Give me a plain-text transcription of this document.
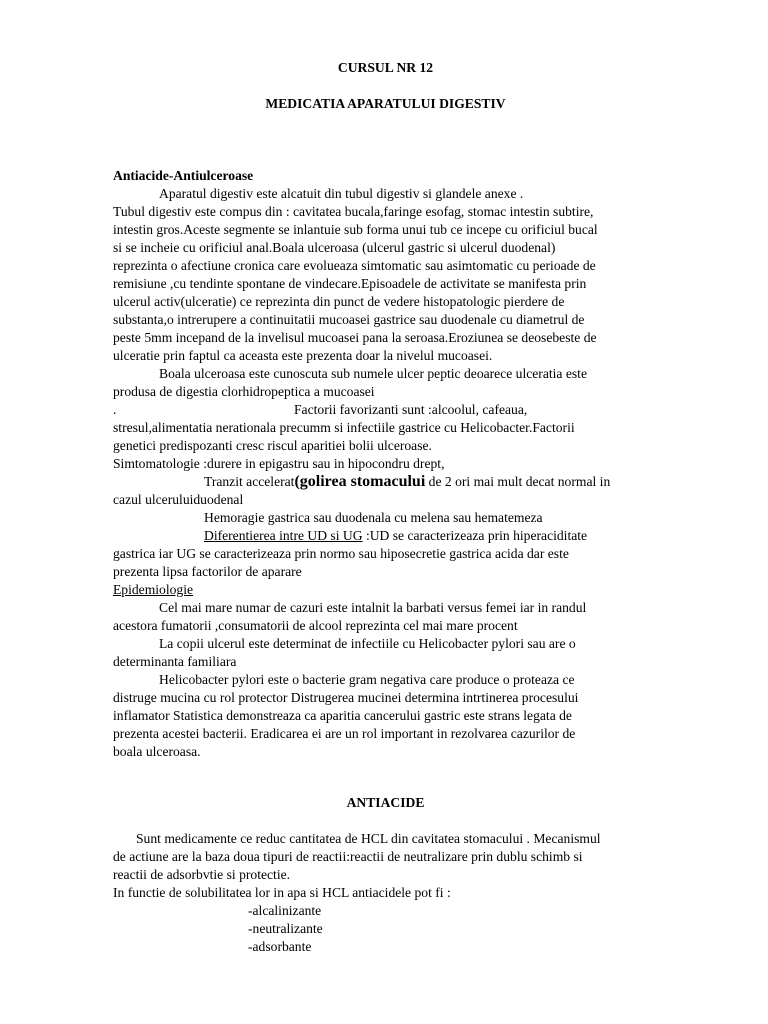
CURSUL NR 12
MEDICATIA APARATULUI DIGESTIV
Antiacide-Antiulceroase
Aparatul digestiv este alcatuit din tubul digestiv si glandele anexe .
Tubul digestiv este compus din : cavitatea bucala,faringe esofag, stomac intestin subtire,
intestin gros.Aceste segmente se inlantuie sub forma unui tub ce incepe cu orificiul bucal
si se incheie cu orificiul anal.Boala ulceroasa (ulcerul gastric si ulcerul duodenal)
reprezinta o afectiune cronica care evolueaza simtomatic sau asimtomatic cu perioade de
remisiune ,cu tendinte spontane de vindecare.Episoadele de activitate se manifesta prin
ulcerul activ(ulceratie) ce reprezinta din punct de vedere histopatologic pierdere de
substanta,o intrerupere a continuitatii mucoasei gastrice sau duodenale cu diametrul de
peste 5mm incepand de la invelisul mucoasei pana la seroasa.Eroziunea se deosebeste de
ulceratie prin faptul ca aceasta este prezenta doar la nivelul mucoasei.
Boala ulceroasa este cunoscuta sub numele ulcer peptic deoarece ulceratia este
produsa de digestia clorhidropeptica a mucoasei
.	Factorii favorizanti sunt :alcoolul, cafeaua,
stresul,alimentatia nerationala precumm si infectiile gastrice cu Helicobacter.Factorii
genetici predispozanti cresc riscul aparitiei bolii ulceroase.
Simtomatologie :durere in epigastru sau in hipocondru drept,
Tranzit accelerat(golirea stomacului de 2 ori mai mult decat normal in
cazul ulceruluiduodenal
Hemoragie gastrica sau duodenala cu melena sau hematemeza
Diferentierea intre UD si UG :UD se caracterizeaza prin hiperaciditate
gastrica iar UG se caracterizeaza prin normo sau hiposecretie gastrica acida dar este
prezenta lipsa factorilor de aparare
Epidemiologie
Cel mai mare numar de cazuri este intalnit la barbati versus femei iar in randul
acestora fumatorii ,consumatorii de alcool reprezinta cel mai mare procent
La copii ulcerul este determinat de infectiile cu Helicobacter pylori sau are o
determinanta familiara
Helicobacter pylori este o bacterie gram negativa care produce o proteaza ce
distruge mucina cu rol protector Distrugerea mucinei determina intrtinerea procesului
inflamator Statistica demonstreaza ca aparitia cancerului gastric este strans legata de
prezenta acestei bacterii. Eradicarea ei are un rol important in rezolvarea cazurilor de
boala ulceroasa.
ANTIACIDE
Sunt medicamente ce reduc cantitatea de HCL din cavitatea stomacului . Mecanismul
de actiune are la baza doua tipuri de reactii:reactii de neutralizare prin dublu schimb si
reactii de adsorbvtie si protectie.
In functie de solubilitatea lor in apa si HCL antiacidele pot fi :
-alcalinizante
-neutralizante
-adsorbante
